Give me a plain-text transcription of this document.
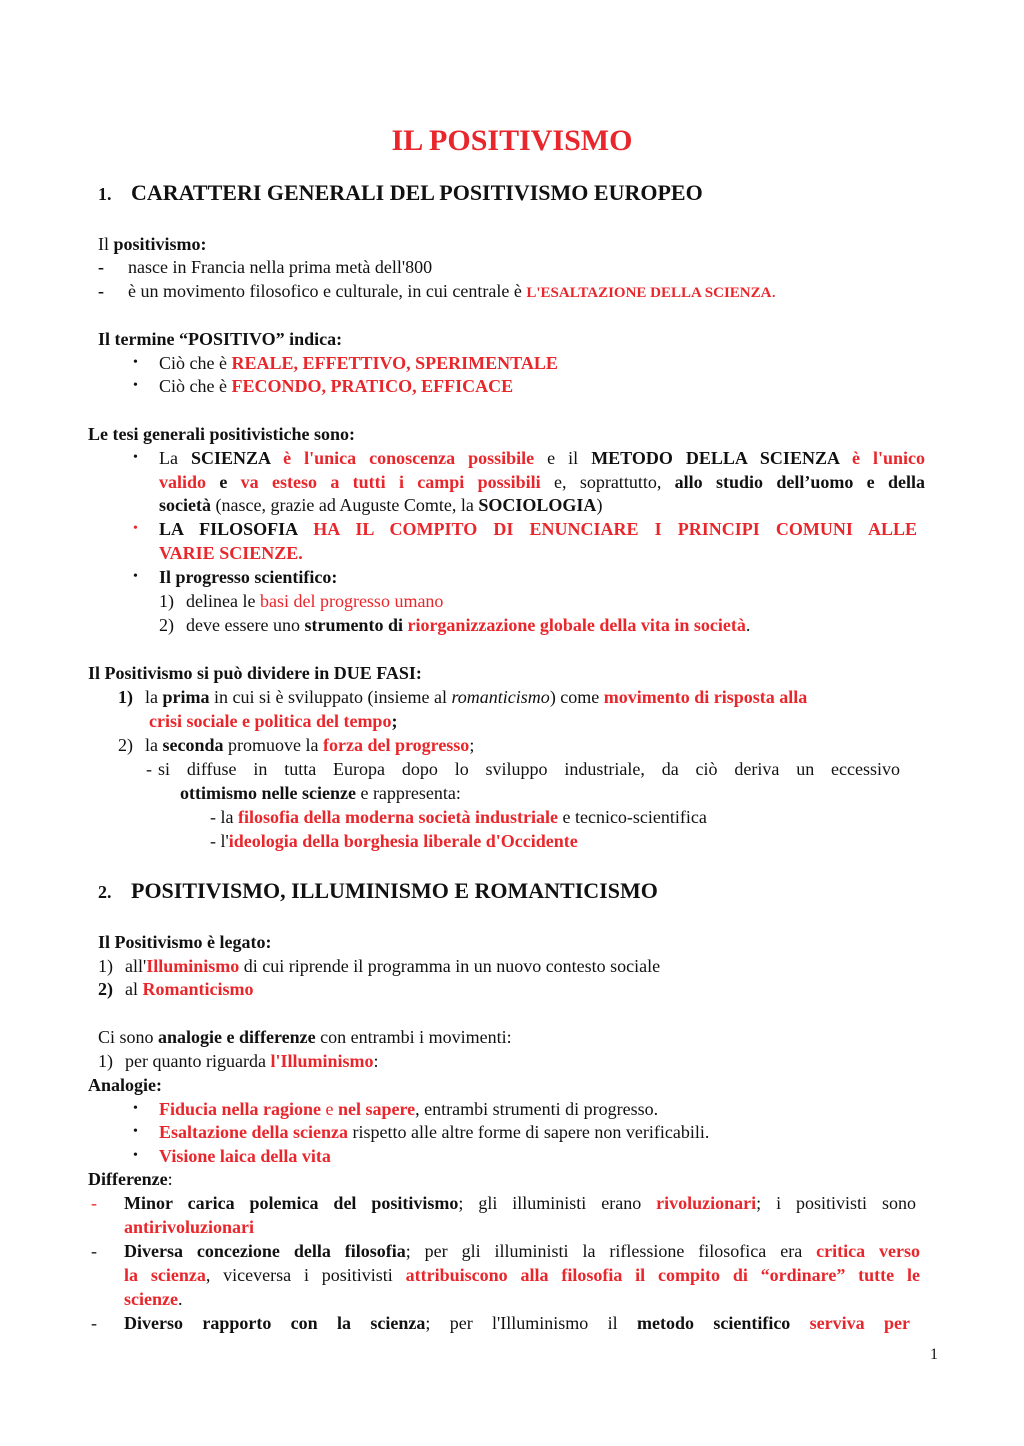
IL POSITIVISMO
1. CARATTERI GENERALI DEL POSITIVISMO EUROPEO
Il positivismo:
- nasce in Francia nella prima metà dell'800
- è un movimento filosofico e culturale, in cui centrale è L'ESALTAZIONE DELLA SCIENZA.
Il termine “POSITIVO” indica:
• Ciò che è REALE, EFFETTIVO, SPERIMENTALE
• Ciò che è FECONDO, PRATICO, EFFICACE
Le tesi generali positivistiche sono:
• La SCIENZA è l'unica conoscenza possibile e il METODO DELLA SCIENZA è l'unico
valido e va esteso a tutti i campi possibili e, soprattutto, allo studio dell’uomo e della
società (nasce, grazie ad Auguste Comte, la SOCIOLOGIA)
• LA FILOSOFIA HA IL COMPITO DI ENUNCIARE I PRINCIPI COMUNI ALLE
VARIE SCIENZE.
• Il progresso scientifico:
1) delinea le basi del progresso umano
2) deve essere uno strumento di riorganizzazione globale della vita in società.
Il Positivismo si può dividere in DUE FASI:
1) la prima in cui si è sviluppato (insieme al romanticismo) come movimento di risposta alla
crisi sociale e politica del tempo;
2) la seconda promuove la forza del progresso;
- si diffuse in tutta Europa dopo lo sviluppo industriale, da ciò deriva un eccessivo
ottimismo nelle scienze e rappresenta:
- la filosofia della moderna società industriale e tecnico-scientifica
- l'ideologia della borghesia liberale d'Occidente
2. POSITIVISMO, ILLUMINISMO E ROMANTICISMO
Il Positivismo è legato:
1) all'Illuminismo di cui riprende il programma in un nuovo contesto sociale
2) al Romanticismo
Ci sono analogie e differenze con entrambi i movimenti:
1) per quanto riguarda l'Illuminismo:
Analogie:
• Fiducia nella ragione e nel sapere, entrambi strumenti di progresso.
• Esaltazione della scienza rispetto alle altre forme di sapere non verificabili.
• Visione laica della vita
Differenze:
- Minor carica polemica del positivismo; gli illuministi erano rivoluzionari; i positivisti sono
antirivoluzionari
- Diversa concezione della filosofia; per gli illuministi la riflessione filosofica era critica verso
la scienza, viceversa i positivisti attribuiscono alla filosofia il compito di “ordinare” tutte le
scienze.
- Diverso rapporto con la scienza; per l'Illuminismo il metodo scientifico serviva per
1
